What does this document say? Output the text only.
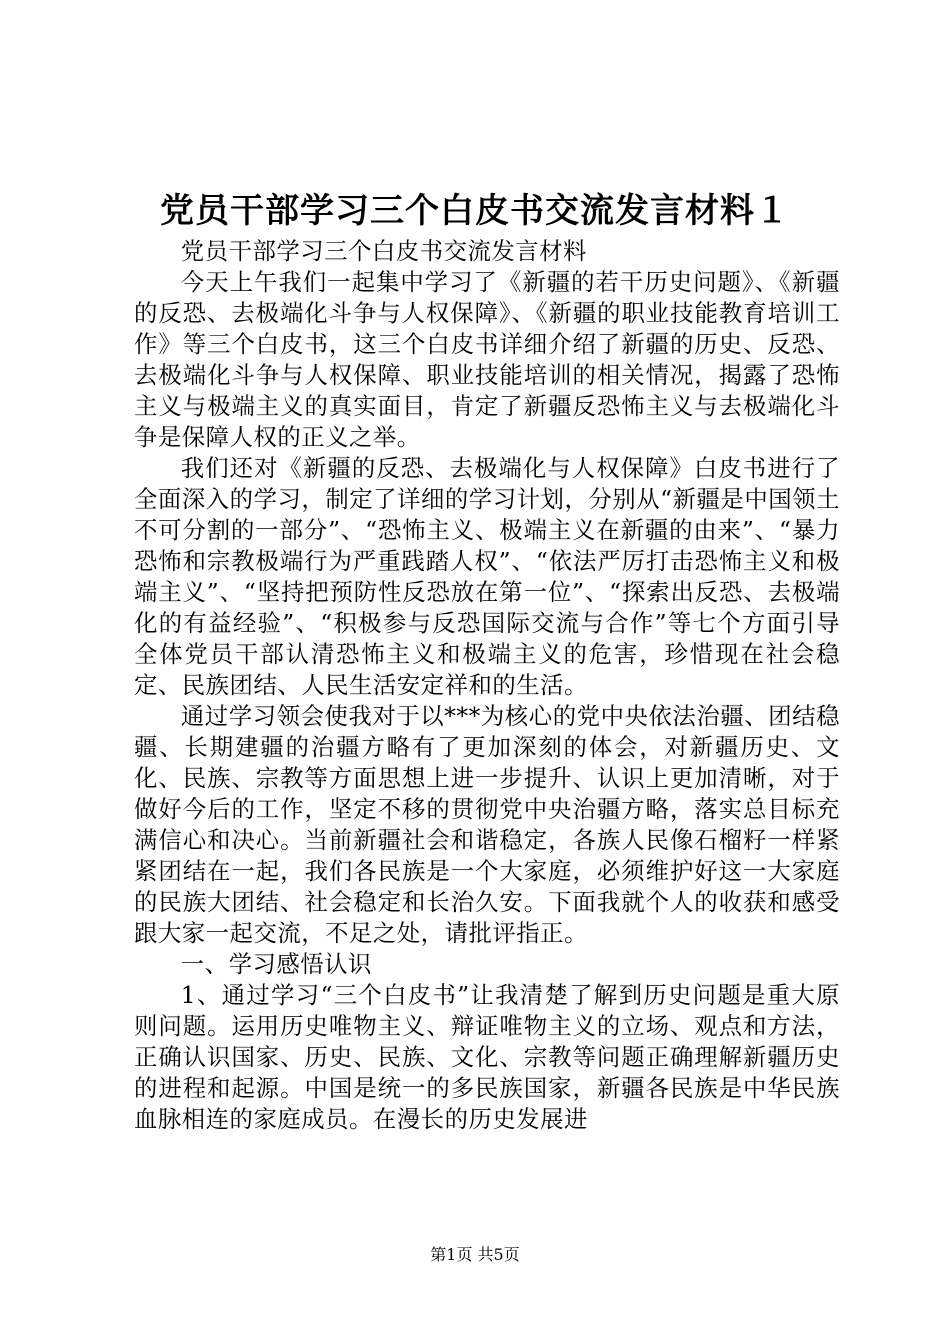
党员干部学习三个白皮书交流发言材料１

党员干部学习三个白皮书交流发言材料

今天上午我们一起集中学习了《新疆的若干历史问题》、《新疆的反恐、去极端化斗争与人权保障》、《新疆的职业技能教育培训工作》等三个白皮书，这三个白皮书详细介绍了新疆的历史、反恐、去极端化斗争与人权保障、职业技能培训的相关情况，揭露了恐怖主义与极端主义的真实面目，肯定了新疆反恐怖主义与去极端化斗争是保障人权的正义之举。

我们还对《新疆的反恐、去极端化与人权保障》白皮书进行了全面深入的学习，制定了详细的学习计划，分别从“新疆是中国领土不可分割的一部分”、“恐怖主义、极端主义在新疆的由来”、“暴力恐怖和宗教极端行为严重践踏人权”、“依法严厉打击恐怖主义和极端主义”、“坚持把预防性反恐放在第一位”、“探索出反恐、去极端化的有益经验”、“积极参与反恐国际交流与合作”等七个方面引导全体党员干部认清恐怖主义和极端主义的危害，珍惜现在社会稳定、民族团结、人民生活安定祥和的生活。

通过学习领会使我对于以***为核心的党中央依法治疆、团结稳疆、长期建疆的治疆方略有了更加深刻的体会，对新疆历史、文化、民族、宗教等方面思想上进一步提升、认识上更加清晰，对于做好今后的工作，坚定不移的贯彻党中央治疆方略，落实总目标充满信心和决心。当前新疆社会和谐稳定，各族人民像石榴籽一样紧紧团结在一起，我们各民族是一个大家庭，必须维护好这一大家庭的民族大团结、社会稳定和长治久安。下面我就个人的收获和感受跟大家一起交流，不足之处，请批评指正。

一、学习感悟认识

1、通过学习“三个白皮书”让我清楚了解到历史问题是重大原则问题。运用历史唯物主义、辩证唯物主义的立场、观点和方法，正确认识国家、历史、民族、文化、宗教等问题正确理解新疆历史的进程和起源。中国是统一的多民族国家，新疆各民族是中华民族血脉相连的家庭成员。在漫长的历史发展进

第1页 共5页
